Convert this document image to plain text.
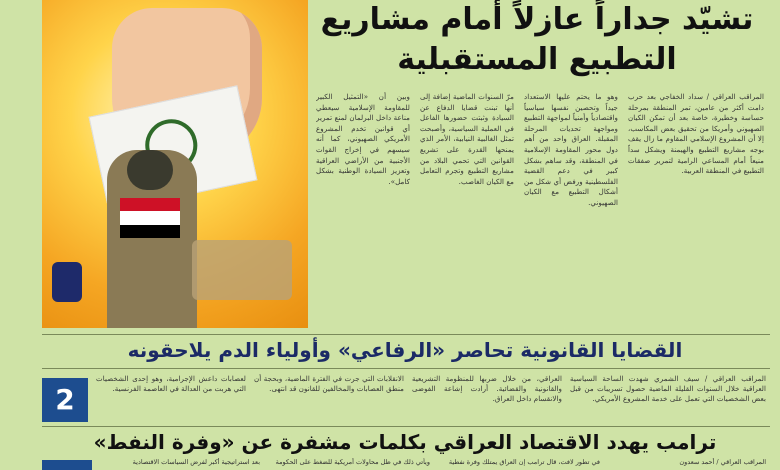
تشيّد جداراً عازلاً أمام مشاريع
التطبيع المستقبلية
وبين أن «التمثيل الكبير للمقاومة الإسلامية سيعطي مناعة داخل البرلمان لمنع تمرير أي قوانين تخدم المشروع الأمريكي الصهيوني، كما أنه سيسهم في إخراج القوات الأجنبية من الأراضي العراقية وتعزيز السيادة الوطنية بشكل كامل».
مرّ السنوات الماضية إضافة إلى أنها تبنت قضايا الدفاع عن السيادة وثبتت حضورها الفاعل في العملية السياسية، وأصبحت تمثل الغالبية النيابية، الأمر الذي يمنحها القدرة على تشريع القوانين التي تحمي البلاد من مشاريع التطبيع وتجرم التعامل مع الكيان الغاصب.
وهو ما يحتم عليها الاستعداد جيداً وتحصين نفسها سياسياً واقتصادياً وأمنياً لمواجهة التطبيع ومواجهة تحديات المرحلة المقبلة. العراق واحد من أهم دول محور المقاومة الإسلامية في المنطقة، وقد ساهم بشكل كبير في دعم القضية الفلسطينية ورفض أي شكل من أشكال التطبيع مع الكيان الصهيوني.
المراقب العراقي / سداد الخفاجي بعد حرب دامت أكثر من عامين، تمر المنطقة بمرحلة حساسة وخطيرة، خاصة بعد أن تمكن الكيان الصهيوني وأمريكا من تحقيق بعض المكاسب، إلا أن المشروع الإسلامي المقاوم ما زال يقف بوجه مشاريع التطبيع والهيمنة ويشكل سداً منيعاً أمام المساعي الرامية لتمرير صفقات التطبيع في المنطقة العربية.
القضايا القانونية تحاصر «الرفاعي» وأولياء الدم يلاحقونه
2
لعصابات داعش الإجرامية، وهو إحدى الشخصيات التي هربت من العدالة في العاصمة الفرنسية.
الانقلابات التي جرت في الفترة الماضية، وبحجة أن منطق العصابات والمخالفين للقانون قد انتهى.
العراقي، من خلال ضربها للمنظومة التشريعية والقانونية والقضائية. أرادت إشاعة الفوضى والانقسام داخل العراق.
المراقب العراقي / سيف الشمري شهدت الساحة السياسية العراقية خلال السنوات القليلة الماضية حصول تسريبات من قبل بعض الشخصيات التي تعمل على خدمة المشروع الأمريكي.
ترامب يهدد الاقتصاد العراقي بكلمات مشفرة عن «وفرة النفط»
بعد استراتيجية أكبر لفرض السياسات الاقتصادية	ويأتي ذلك في ظل محاولات أمريكية للضغط على الحكومة	في تطور لافت، قال ترامب إن العراق يمتلك وفرة نفطية	المراقب العراقي / أحمد سعدون
